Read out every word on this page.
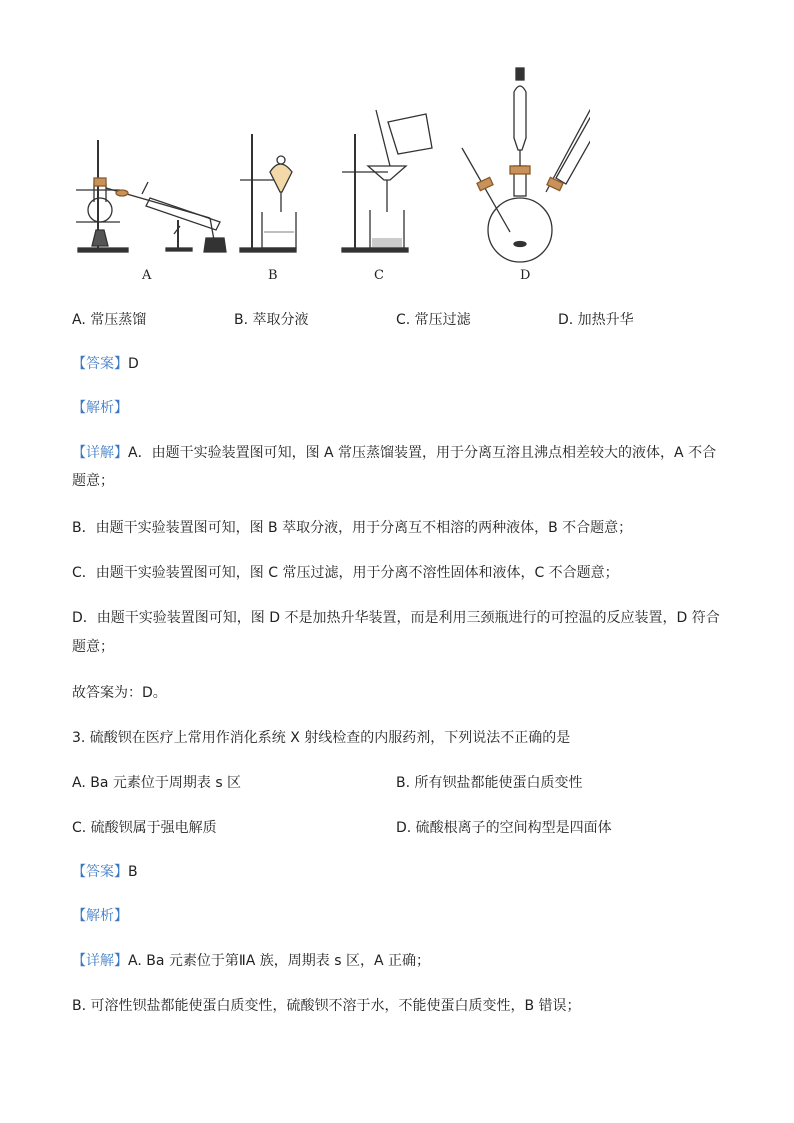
A	B	C	D
A. 常压蒸馏	B. 萃取分液	C. 常压过滤	D. 加热升华
【答案】D
【解析】
【详解】A．由题干实验装置图可知，图 A 常压蒸馏装置，用于分离互溶且沸点相差较大的液体，A 不合
题意；
B．由题干实验装置图可知，图 B 萃取分液，用于分离互不相溶的两种液体，B 不合题意；
C．由题干实验装置图可知，图 C 常压过滤，用于分离不溶性固体和液体，C 不合题意；
D．由题干实验装置图可知，图 D 不是加热升华装置，而是利用三颈瓶进行的可控温的反应装置，D 符合
题意；
故答案为：D。
3. 硫酸钡在医疗上常用作消化系统 X 射线检查的内服药剂，下列说法不正确的是
A. Ba 元素位于周期表 s 区	B. 所有钡盐都能使蛋白质变性
C. 硫酸钡属于强电解质	D. 硫酸根离子的空间构型是四面体
【答案】B
【解析】
【详解】A. Ba 元素位于第ⅡA 族，周期表 s 区，A 正确；
B. 可溶性钡盐都能使蛋白质变性，硫酸钡不溶于水，不能使蛋白质变性，B 错误；
